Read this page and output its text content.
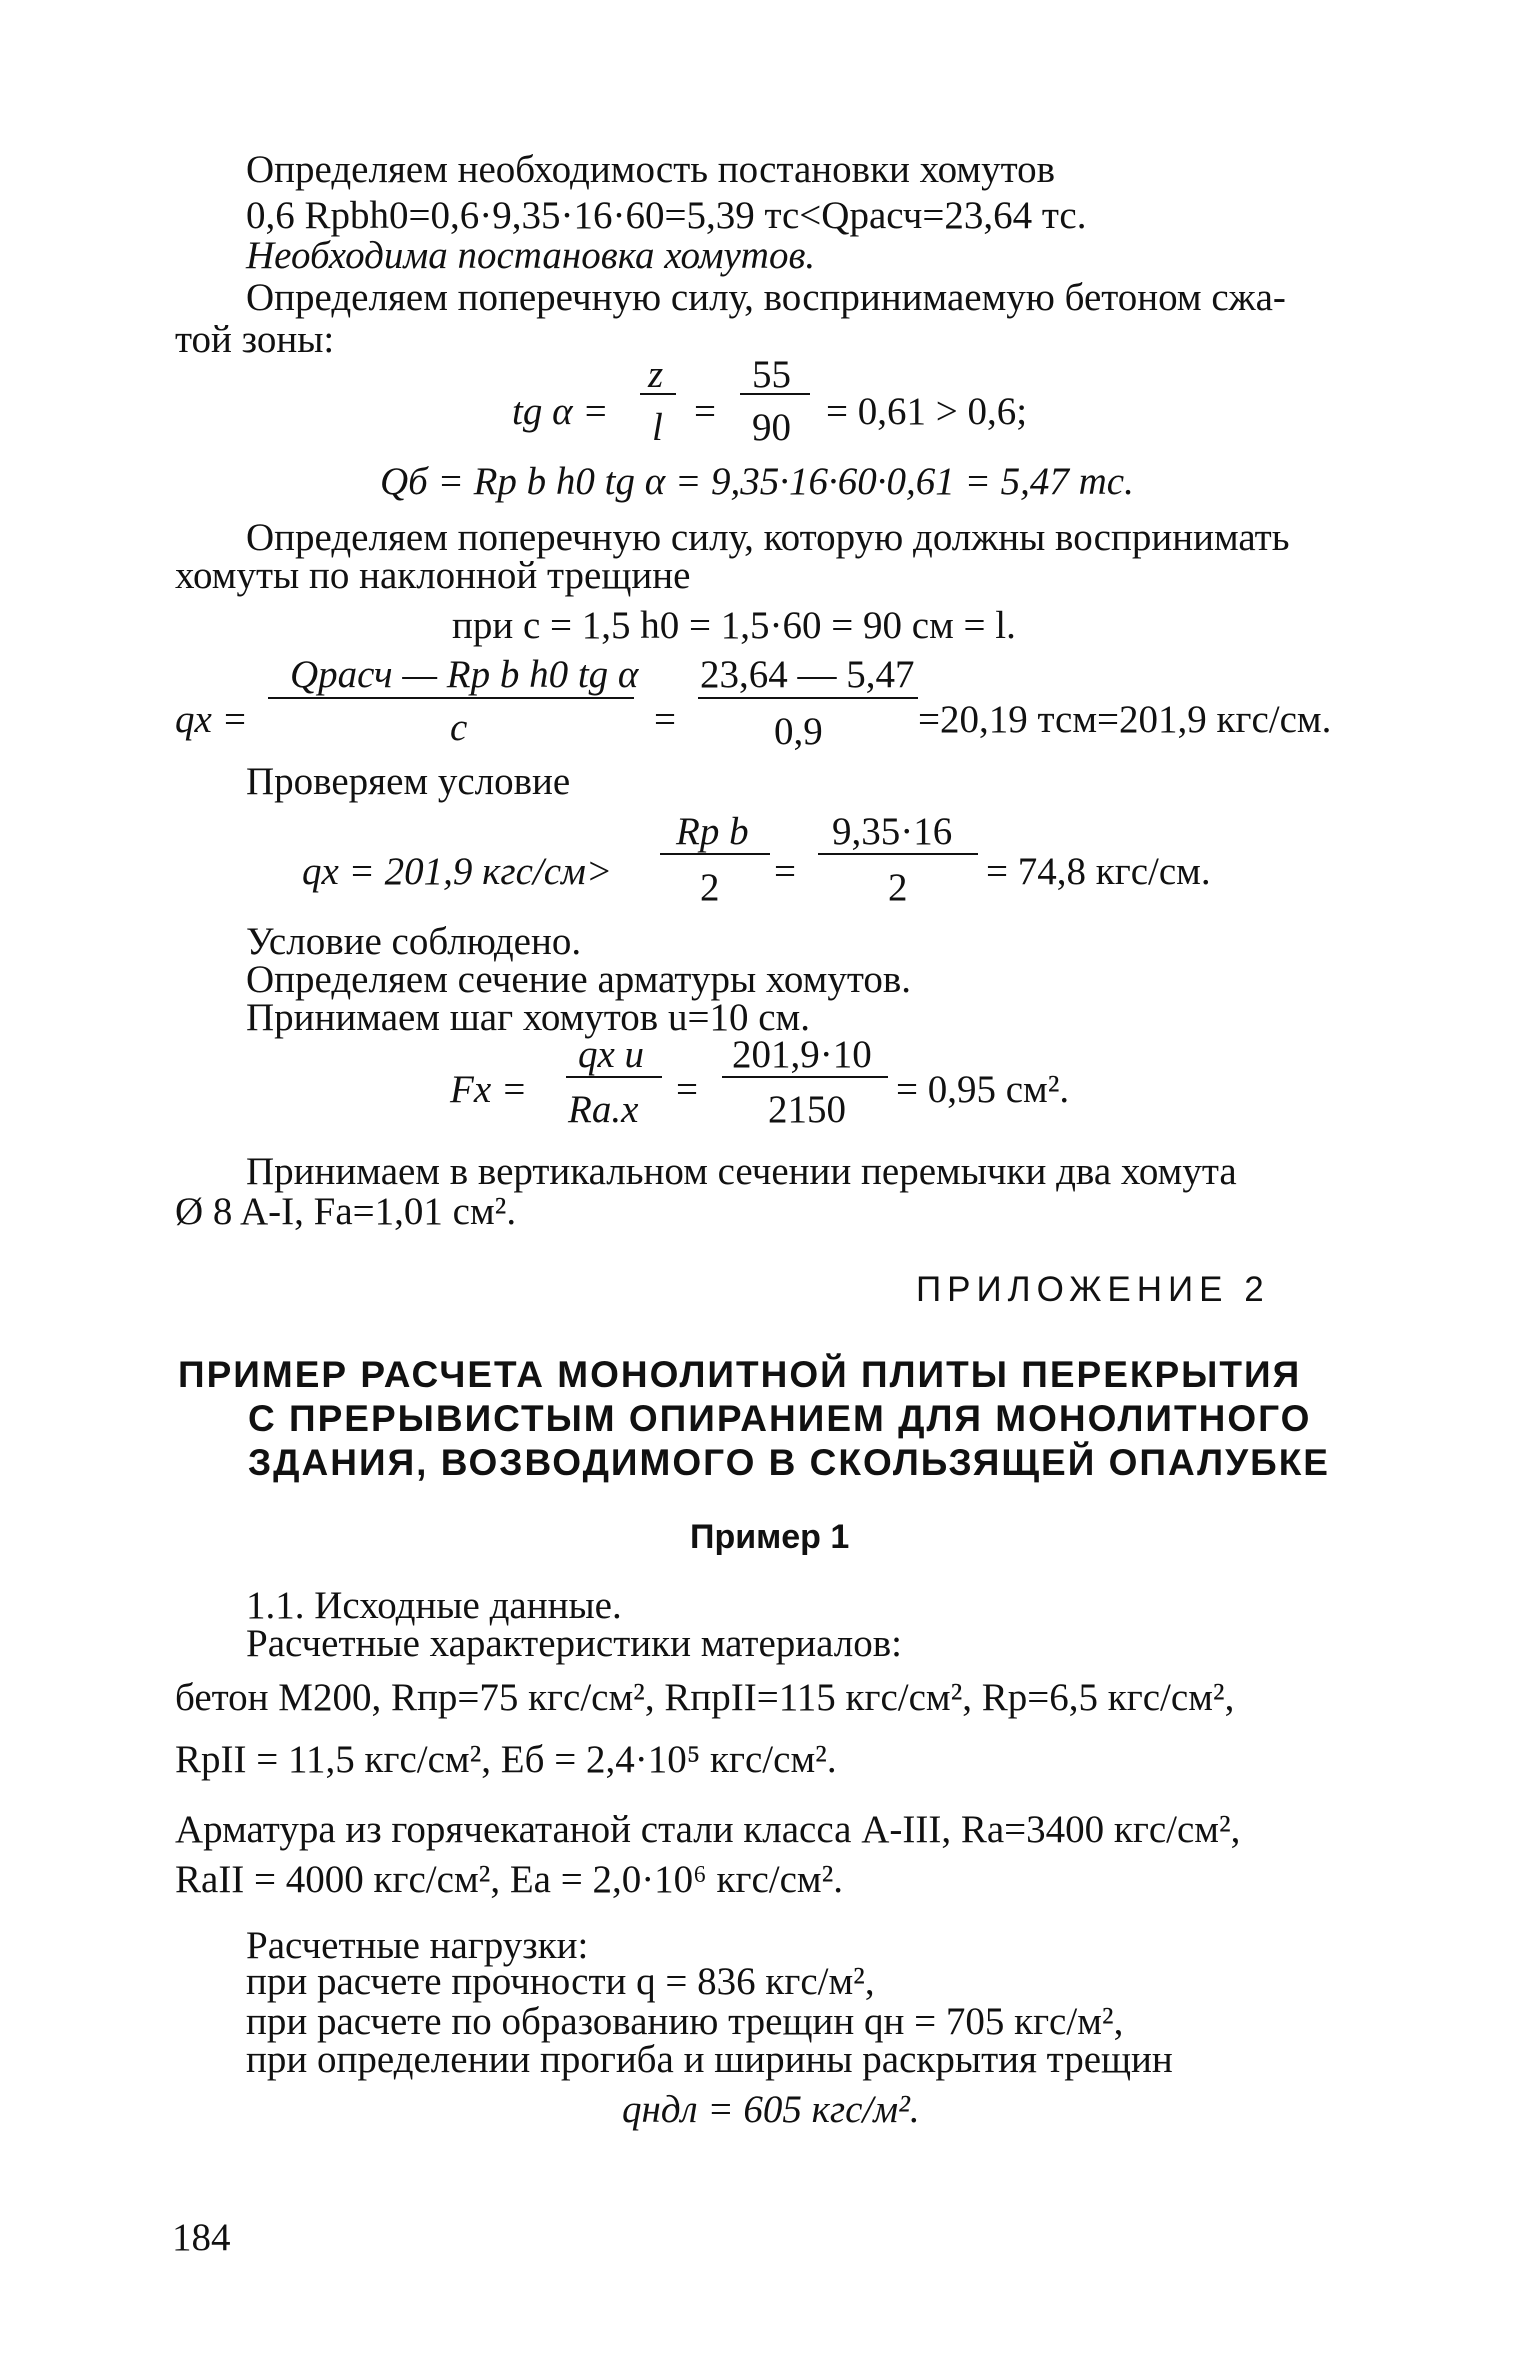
Определяем необходимость постановки хомутов
0,6 Rpbh0=0,6·9,35·16·60=5,39 тс<Qрасч=23,64 тс.
Необходима постановка хомутов.
Определяем поперечную силу, воспринимаемую бетоном сжа-
той зоны:
tg α =
z
l =
55
90 = 0,61 > 0,6;
Qб = Rp b h0 tg α = 9,35·16·60·0,61 = 5,47 тс.
Определяем поперечную силу, которую должны воспринимать
хомуты по наклонной трещине
при c = 1,5 h0 = 1,5·60 = 90 см = l.
qx =
Qрасч — Rp b h0 tg α
c	=
23,64 — 5,47
0,9 =20,19 тсм=201,9 кгс/см.
Проверяем условие
qx = 201,9 кгс/см>
Rp b
2 =
9,35·16
2 = 74,8 кгс/см.
Условие соблюдено.
Определяем сечение арматуры хомутов.
Принимаем шаг хомутов u=10 см.
Fx =
qx u
Ra.x =
201,9·10
2150 = 0,95 см².
Принимаем в вертикальном сечении перемычки два хомута
Ø 8 A-I, Fa=1,01 см².
ПРИЛОЖЕНИЕ 2
ПРИМЕР РАСЧЕТА МОНОЛИТНОЙ ПЛИТЫ ПЕРЕКРЫТИЯ
С ПРЕРЫВИСТЫМ ОПИРАНИЕМ ДЛЯ МОНОЛИТНОГО
ЗДАНИЯ, ВОЗВОДИМОГО В СКОЛЬЗЯЩЕЙ ОПАЛУБКЕ
Пример 1
1.1. Исходные данные.
Расчетные характеристики материалов:
бетон М200, Rпр=75 кгс/см², RпрII=115 кгс/см², Rp=6,5 кгс/см²,
RpII = 11,5 кгс/см², Eб = 2,4·10⁵ кгс/см².
Арматура из горячекатаной стали класса A-III, Ra=3400 кгс/см²,
RaII = 4000 кгс/см², Ea = 2,0·10⁶ кгс/см².
Расчетные нагрузки:
при расчете прочности q = 836 кгс/м²,
при расчете по образованию трещин qн = 705 кгс/м²,
при определении прогиба и ширины раскрытия трещин
qндл = 605 кгс/м².
184
